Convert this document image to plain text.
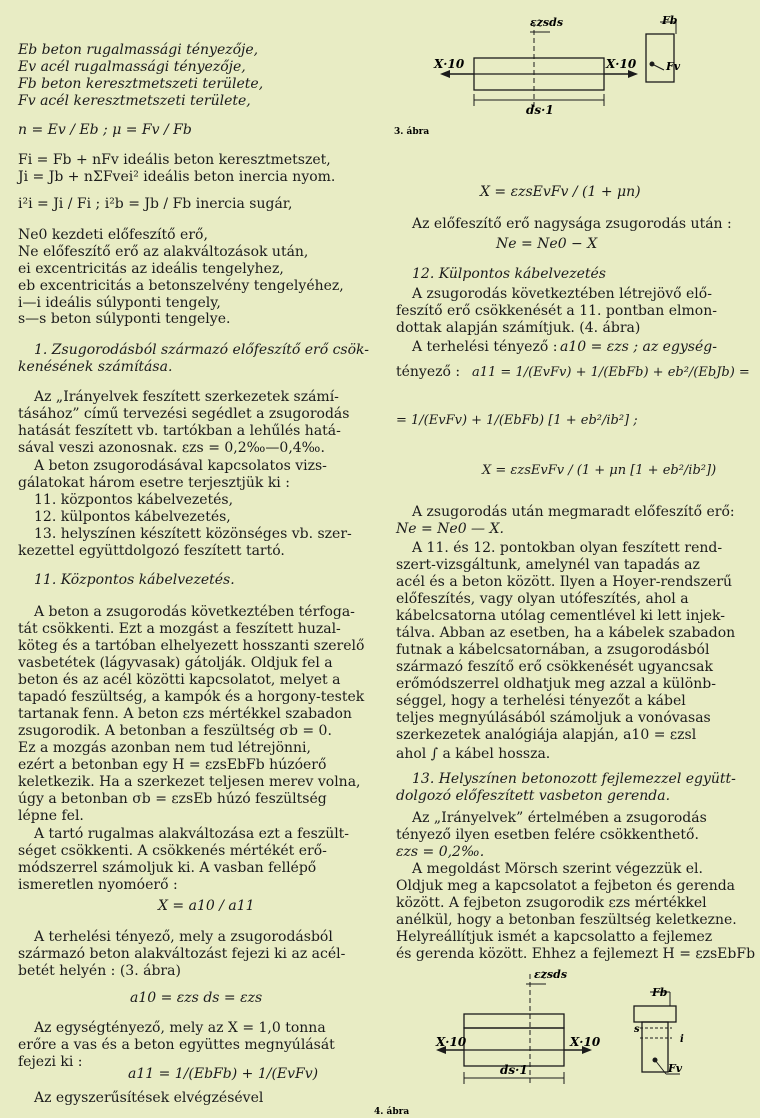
Eb beton rugalmassági tényezője,
Ev acél rugalmassági tényezője,
Fb beton keresztmetszeti területe,
Fv acél keresztmetszeti területe,
n = Ev / Eb ; μ = Fv / Fb
Fi = Fb + nFv ideális beton keresztmetszet,
Ji = Jb + nΣFvei² ideális beton inercia nyom.
i²i = Ji / Fi ; i²b = Jb / Fb inercia sugár,
Ne0 kezdeti előfeszítő erő,
Ne előfeszítő erő az alakváltozások után,
ei excentricitás az ideális tengelyhez,
eb excentricitás a betonszelvény tengelyéhez,
i—i ideális súlyponti tengely,
s—s beton súlyponti tengelye.
1. Zsugorodásból származó előfeszítő erő csök-
kenésének számítása.
Az „Irányelvek feszített szerkezetek számí-
tásához” című tervezési segédlet a zsugorodás
hatását feszített vb. tartókban a lehűlés hatá-
sával veszi azonosnak. εzs = 0,2‰—0,4‰.
A beton zsugorodásával kapcsolatos vizs-
gálatokat három esetre terjesztjük ki :
11. központos kábelvezetés,
12. külpontos kábelvezetés,
13. helyszínen készített közönséges vb. szer-
kezettel együttdolgozó feszített tartó.
11. Központos kábelvezetés.
A beton a zsugorodás következtében térfoga-
tát csökkenti. Ezt a mozgást a feszített huzal-
köteg és a tartóban elhelyezett hosszanti szerelő
vasbetétek (lágyvasak) gátolják. Oldjuk fel a
beton és az acél közötti kapcsolatot, melyet a
tapadó feszültség, a kampók és a horgony-testek
tartanak fenn. A beton εzs mértékkel szabadon
zsugorodik. A betonban a feszültség σb = 0.
Ez a mozgás azonban nem tud létrejönni,
ezért a betonban egy H = εzsEbFb húzóerő
keletkezik. Ha a szerkezet teljesen merev volna,
úgy a betonban σb = εzsEb húzó feszültség
lépne fel.
A tartó rugalmas alakváltozása ezt a feszült-
séget csökkenti. A csökkenés mértékét erő-
módszerrel számoljuk ki. A vasban fellépő
ismeretlen nyomóerő :
X = a10 / a11
A terhelési tényező, mely a zsugorodásból
származó beton alakváltozást fejezi ki az acél-
betét helyén : (3. ábra)
a10 = εzs ds = εzs
Az egységtényező, mely az X = 1,0 tonna
erőre a vas és a beton együttes megnyúlását
fejezi ki :
a11 = 1/(EbFb) + 1/(EvFv)
Az egyszerűsítések elvégzésével
X·10	X·10
ds·1
εzsds	Fb
Fv
3. ábra
X = εzsEvFv / (1 + μn)
Az előfeszítő erő nagysága zsugorodás után :
Ne = Ne0 − X
12. Külpontos kábelvezetés
A zsugorodás következtében létrejövő elő-
feszítő erő csökkenését a 11. pontban elmon-
dottak alapján számítjuk. (4. ábra)
A terhelési tényező : a10 = εzs ; az egység-
tényező : a11 = 1/(EvFv) + 1/(EbFb) + eb²/(EbJb) =
= 1/(EvFv) + 1/(EbFb) [1 + eb²/ib²] ;
X = εzsEvFv / (1 + μn [1 + eb²/ib²])
A zsugorodás után megmaradt előfeszítő erő:
Ne = Ne0 — X.
A 11. és 12. pontokban olyan feszített rend-
szert-vizsgáltunk, amelynél van tapadás az
acél és a beton között. Ilyen a Hoyer-rendszerű
előfeszítés, vagy olyan utófeszítés, ahol a
kábelcsatorna utólag cementlével ki lett injek-
tálva. Abban az esetben, ha a kábelek szabadon
futnak a kábelcsatornában, a zsugorodásból
származó feszítő erő csökkenését ugyancsak
erőmódszerrel oldhatjuk meg azzal a különb-
séggel, hogy a terhelési tényezőt a kábel
teljes megnyúlásából számoljuk a vonóvasas
szerkezetek analógiája alapján, a10 = εzsl
ahol ∫ a kábel hossza.
13. Helyszínen betonozott fejlemezzel együtt-
dolgozó előfeszített vasbeton gerenda.
Az „Irányelvek” értelmében a zsugorodás
tényező ilyen esetben felére csökkenthető.
εzs = 0,2‰.
A megoldást Mörsch szerint végezzük el.
Oldjuk meg a kapcsolatot a fejbeton és gerenda
között. A fejbeton zsugorodik εzs mértékkel
anélkül, hogy a betonban feszültség keletkezne.
Helyreállítjuk ismét a kapcsolatto a fejlemez
és gerenda között. Ehhez a fejlemezt H = εzsEbFb
X·10	X·10
ds·1
εzsds
Fb
Fv
s
i
4. ábra
